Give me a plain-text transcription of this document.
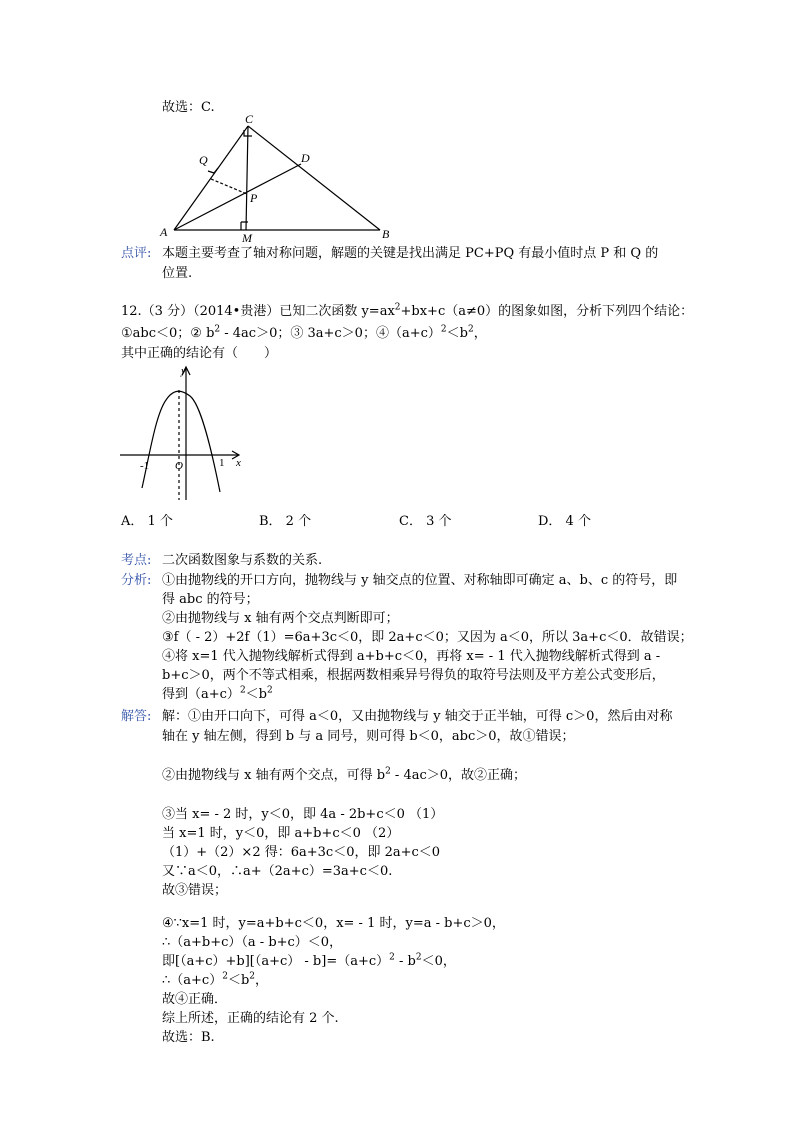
故选：C.
C
Q	D
P
A	M	B
点评: 本题主要考查了轴对称问题，解题的关键是找出满足 PC+PQ 有最小值时点 P 和 Q 的
位置.
12.（3 分）（2014•贵港）已知二次函数 $y=ax^2+bx+c(a\ne 0)$的图象如图，分析下列四个结论：
①abc＜0；② $b^2 - 4ac>0$；③ 3a+c＞0；$④(a+c)^2<b^2$，
其中正确的结论有（　　）
y
x
-1 O	1
A． 1 个	B． 2 个	C． 3 个	D． 4 个
考点: 二次函数图象与系数的关系.
分析: ①由抛物线的开口方向，抛物线与 y 轴交点的位置、对称轴即可确定 a、b、c 的符号，即
得 abc 的符号；
②由抛物线与 x 轴有两个交点判断即可；
③f（ - 2）+2f（1）=6a+3c＜0，即 2a+c＜0；又因为 a＜0，所以 3a+c＜0．故错误；
④将 x=1 代入抛物线解析式得到 a+b+c＜0，再将 x= - 1 代入抛物线解析式得到 a -
b+c＞0，两个不等式相乘，根据两数相乘异号得负的取符号法则及平方差公式变形后，
得到$(a+c)^2<b^2$
解答: 解：①由开口向下，可得 a＜0，又由抛物线与 y 轴交于正半轴，可得 c＞0，然后由对称
轴在 y 轴左侧，得到 b 与 a 同号，则可得 b＜0，abc＞0，故①错误；
②由抛物线与 x 轴有两个交点，可得 $b^2 - 4ac>0$，故②正确；
③当 x= - 2 时，y＜0，即 4a - 2b+c＜0 （1）
当 x=1 时，y＜0，即 a+b+c＜0 （2）
（1）+（2）×2 得：6a+3c＜0，即 2a+c＜0
又∵a＜0，∴a+（2a+c）=3a+c＜0.
故③错误；
④∵x=1 时，y=a+b+c＜0，x= - 1 时，y=a - b+c＞0，
∴（a+b+c）（a - b+c）＜0，
即$[(a+c)+b][(a+c) - b]=(a+c)^2 - b^2<0$，
$\therefore(a+c)^2<b^2$，
故④正确．
综上所述，正确的结论有 2 个.
故选：B.
